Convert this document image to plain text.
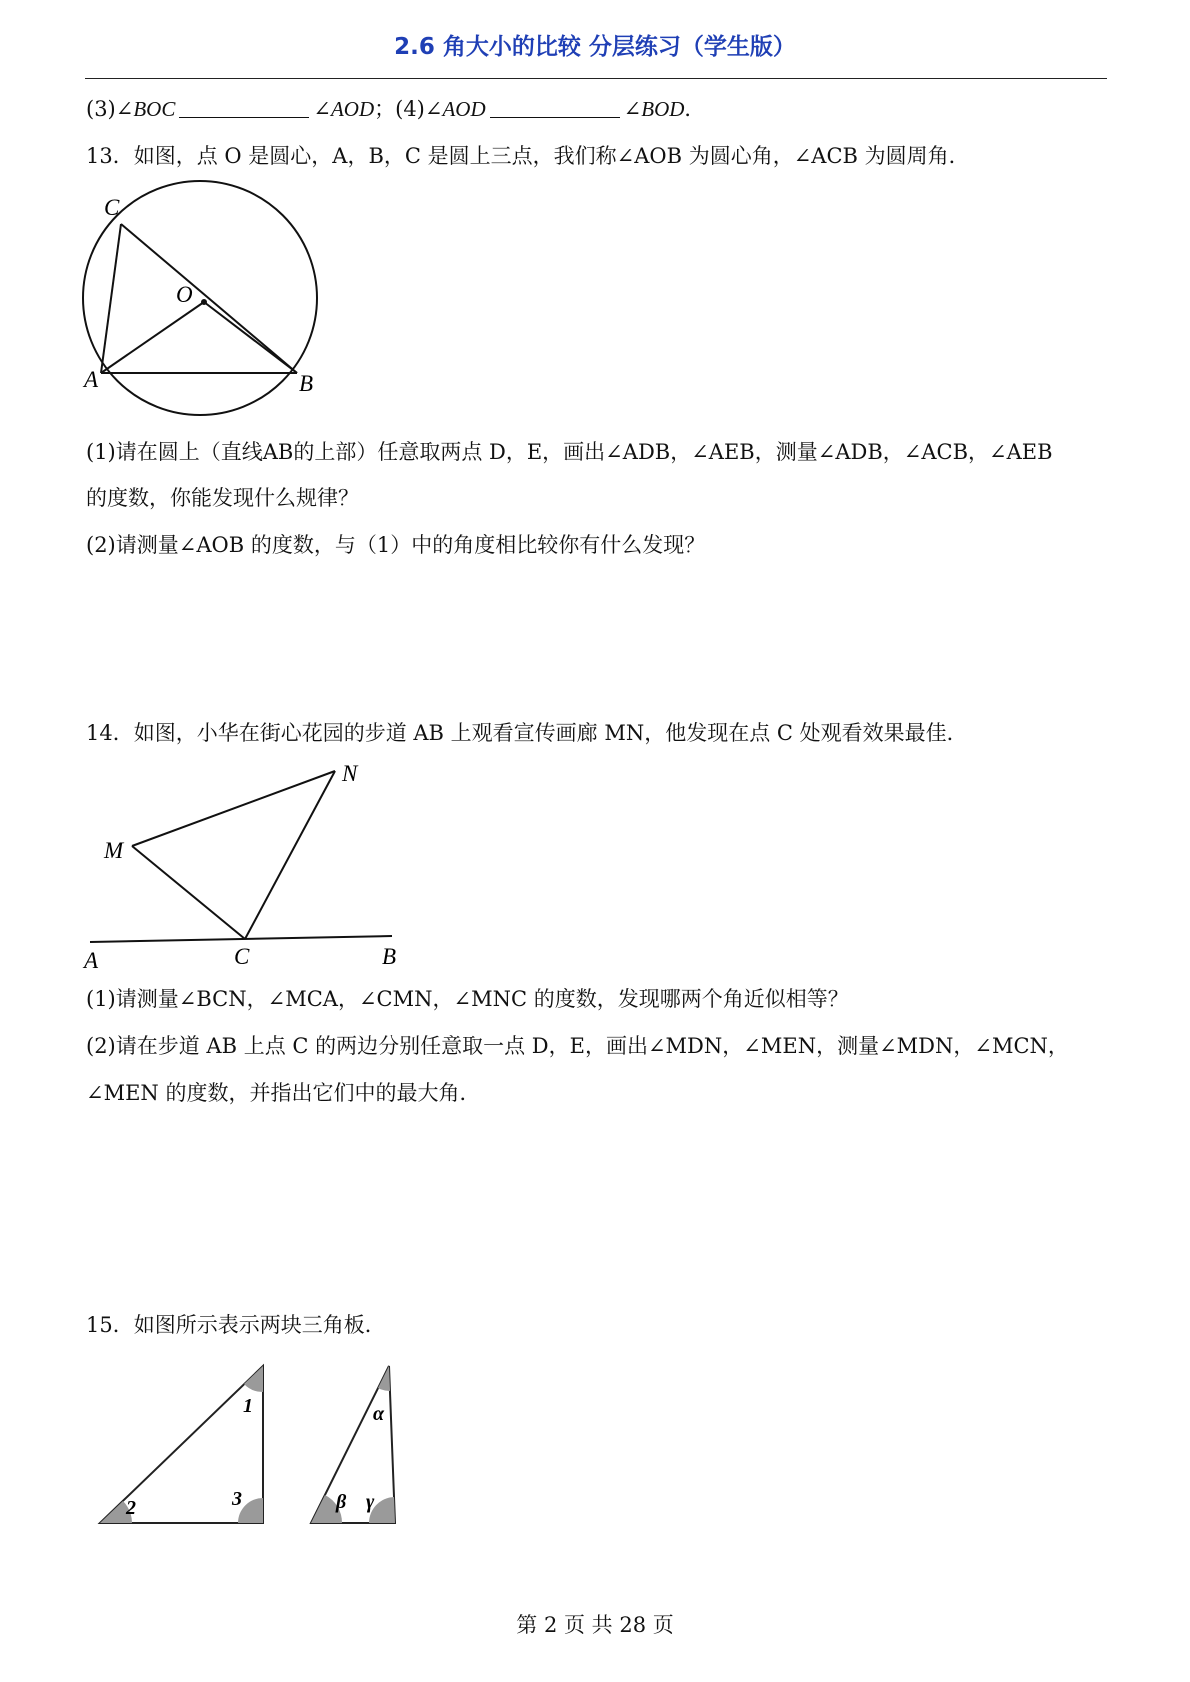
2.6 角大小的比较 分层练习（学生版）
(3)∠BOC	∠AOD；(4)∠AOD	∠BOD．
13．如图，点 O 是圆心，A，B，C 是圆上三点，我们称∠AOB 为圆心角，∠ACB 为圆周角．
C
O
A	B
(1)请在圆上（直线AB的上部）任意取两点 D，E，画出∠ADB，∠AEB，测量∠ADB，∠ACB，∠AEB
的度数，你能发现什么规律？
(2)请测量∠AOB 的度数，与（1）中的角度相比较你有什么发现？
14．如图，小华在街心花园的步道 AB 上观看宣传画廊 MN，他发现在点 C 处观看效果最佳．
N
M
A	C	B
(1)请测量∠BCN，∠MCA，∠CMN，∠MNC 的度数，发现哪两个角近似相等？
(2)请在步道 AB 上点 C 的两边分别任意取一点 D，E，画出∠MDN，∠MEN，测量∠MDN，∠MCN，
∠MEN 的度数，并指出它们中的最大角．
15．如图所示表示两块三角板．
1
2	3
α
β γ
第 2 页 共 28 页
